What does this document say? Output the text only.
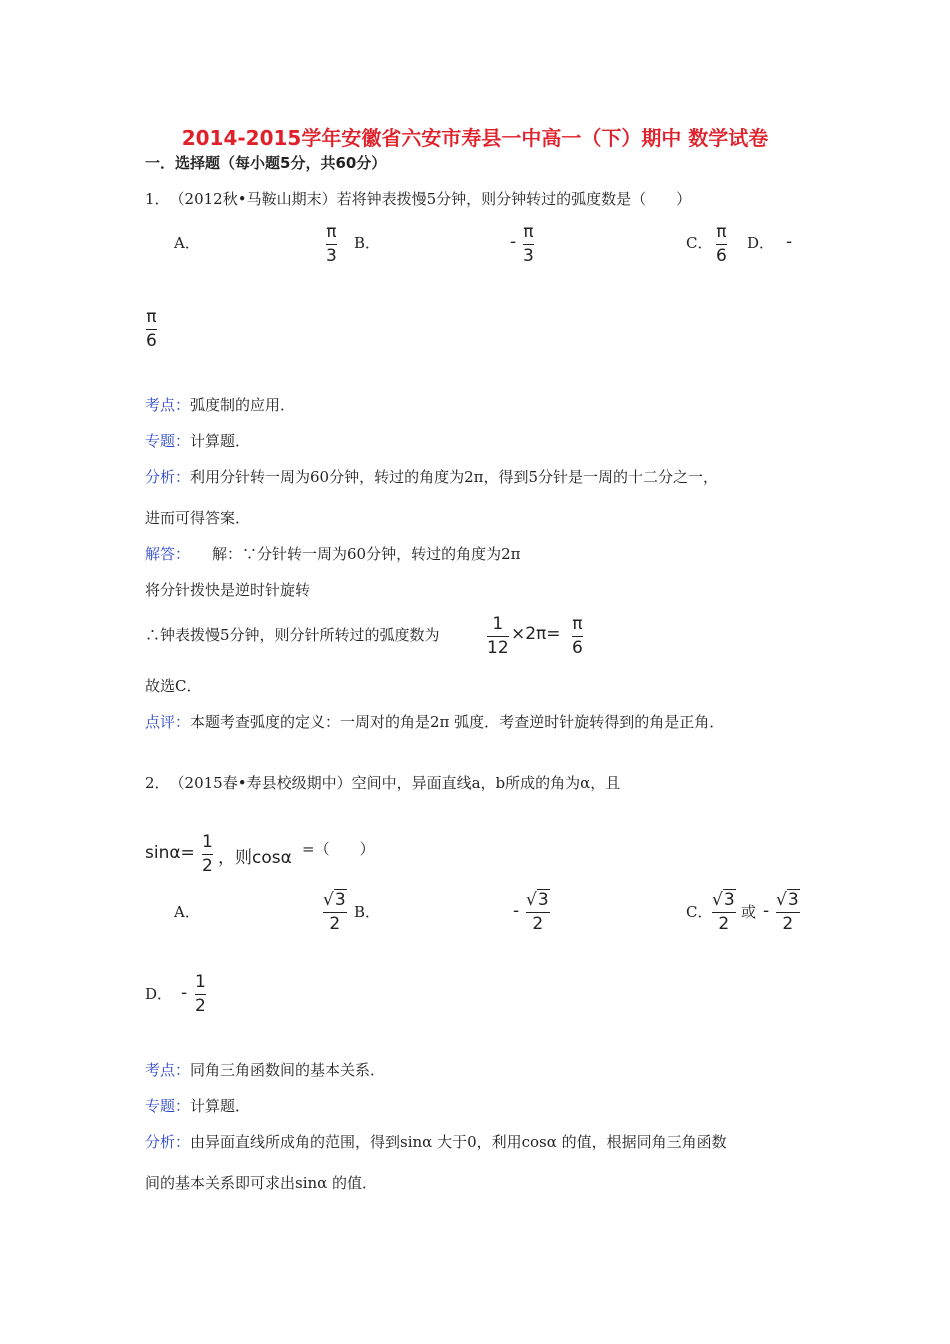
2014-2015学年安徽省六安市寿县一中高一（下）期中 数学试卷
一．选择题（每小题5分，共60分）
1．　（2012秋•马鞍山期末）若将钟表拨慢5分钟，则分钟转过的弧度数是（　　）
A．
π
3
B．	- π
3
C．
π
6
D． -
π
6
考点：弧度制的应用．
专题：计算题．
分析：利用分针转一周为60分钟，转过的角度为2π，得到5分针是一周的十二分之一，
进而可得答案．
解答： 解：∵分针转一周为60分钟，转过的角度为2π
将分针拨快是逆时针旋转
∴钟表拨慢5分钟，则分针所转过的弧度数为
1
12
×2π= π
6
故选C．
点评：本题考查弧度的定义：一周对的角是2π 弧度．考查逆时针旋转得到的角是正角．
2．　（2015春•寿县校级期中）空间中，异面直线a，b所成的角为α，且
sinα=
1
2 ，则cosα =（　　）
A．
√3
2
B．	-
√3
2
C．
√3
2
或 -
√3
2
D． -
1
2
考点：同角三角函数间的基本关系．
专题：计算题．
分析：由异面直线所成角的范围，得到sinα 大于0，利用cosα 的值，根据同角三角函数
间的基本关系即可求出sinα 的值．
